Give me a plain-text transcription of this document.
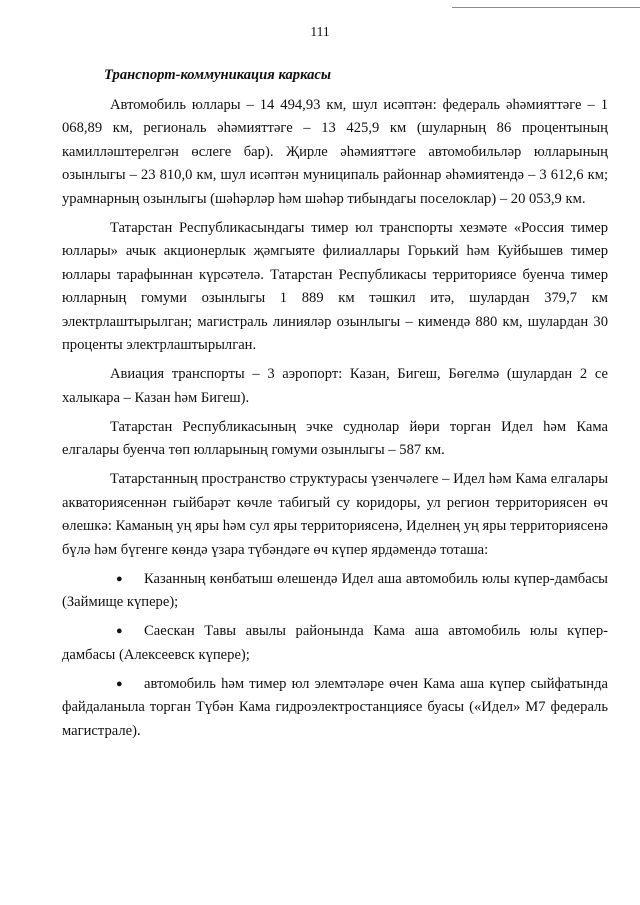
111
Транспорт-коммуникация каркасы

Автомобиль юллары – 14 494,93 км, шул исәптән: федераль әһәмияттәге – 1 068,89 км, региональ әһәмияттәге – 13 425,9 км (шуларның 86 процентының камилләштерелгән өслеге бар). Җирле әһәмияттәге автомобильләр юлларының озынлыгы – 23 810,0 км, шул исәптән муниципаль районнар әһәмиятендә – 3 612,6 км; урамнарның озынлыгы (шәһәрләр һәм шәһәр тибындагы поселоклар) – 20 053,9 км.

Татарстан Республикасындагы тимер юл транспорты хезмәте «Россия тимер юллары» ачык акционерлык җәмгыяте филиаллары Горький һәм Куйбышев тимер юллары тарафыннан күрсәтелә. Татарстан Республикасы территориясе буенча тимер юлларның гомуми озынлыгы 1 889 км тәшкил итә, шулардан 379,7 км электрлаштырылган; магистраль линияләр озынлыгы – кимендә 880 км, шулардан 30 проценты электрлаштырылган.

Авиация транспорты – 3 аэропорт: Казан, Бигеш, Бөгелмә (шулардан 2 се халыкара – Казан һәм Бигеш).

Татарстан Республикасының эчке суднолар йөри торган Идел һәм Кама елгалары буенча төп юлларының гомуми озынлыгы – 587 км.

Татарстанның пространство структурасы үзенчәлеге – Идел һәм Кама елгалары акваториясеннән гыйбарәт көчле табигый су коридоры, ул регион территориясен өч өлешкә: Каманың уң яры һәм сул яры территориясенә, Иделнең уң яры территориясенә бүлә һәм бүгенге көндә үзара түбәндәге өч күпер ярдәмендә тоташа:

● Казанның көнбатыш өлешендә Идел аша автомобиль юлы күпер-дамбасы (Займище күпере);
● Саескан Тавы авылы районында Кама аша автомобиль юлы күпер-дамбасы (Алексеевск күпере);
● автомобиль һәм тимер юл элемтәләре өчен Кама аша күпер сыйфатында файдаланыла торган Түбән Кама гидроэлектростанциясе буасы («Идел» М7 федераль магистрале).
